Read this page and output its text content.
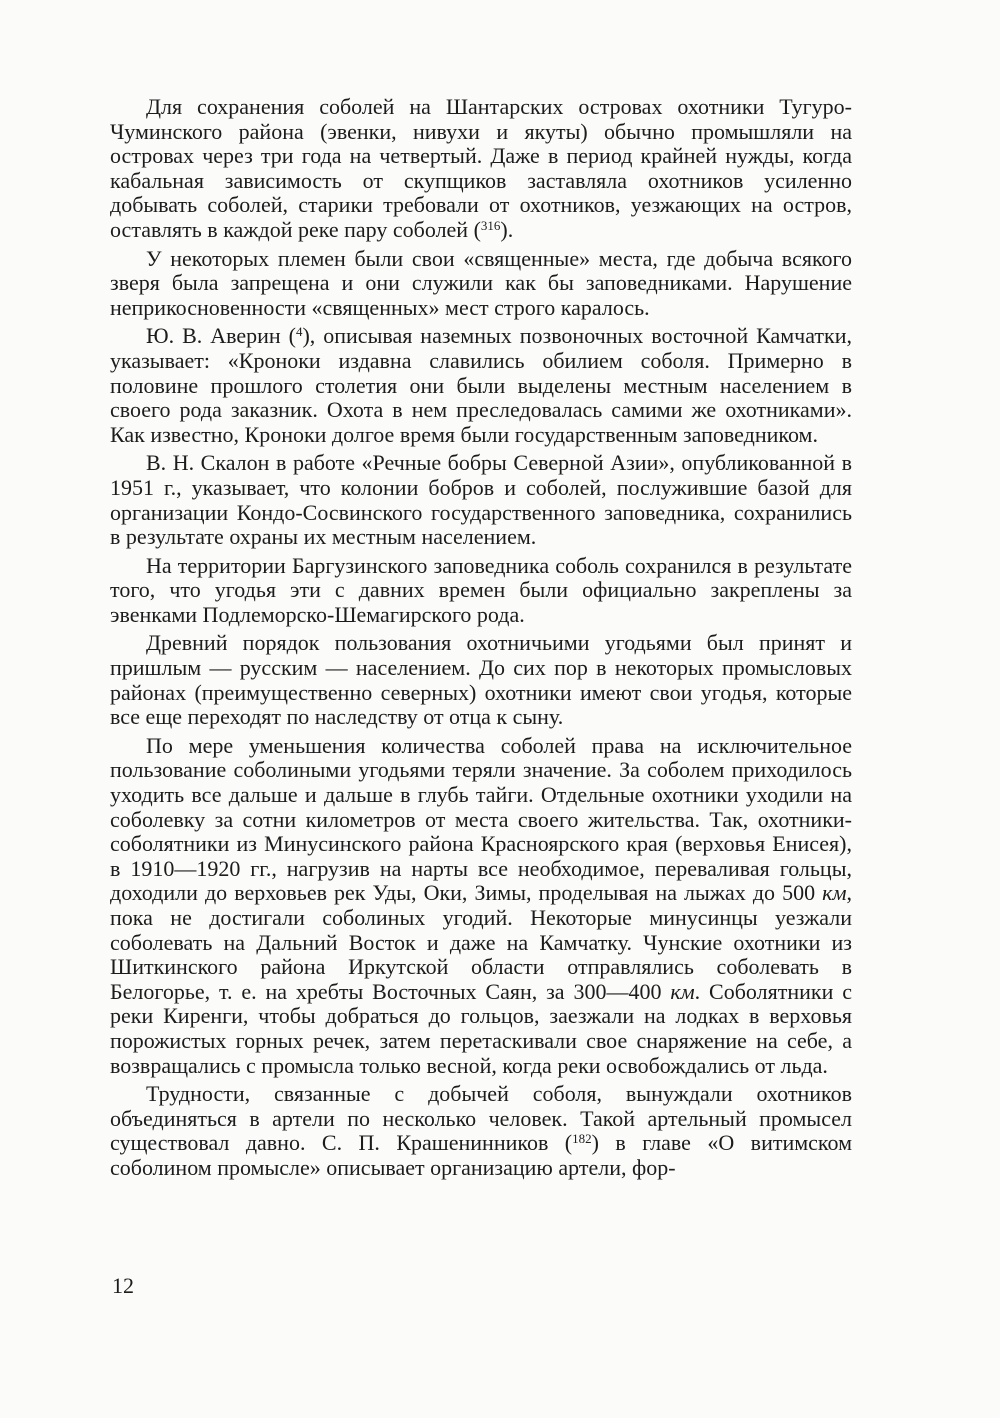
Для сохранения соболей на Шантарских островах охотники Тугуро-Чуминского района (эвенки, нивухи и якуты) обычно промышляли на островах через три года на четвертый. Даже в период крайней нужды, когда кабальная зависимость от скупщиков заставляла охотников усиленно добывать соболей, старики требовали от охотников, уезжающих на остров, оставлять в каждой реке пару соболей ($^{316}$).

У некоторых племен были свои «священные» места, где добыча всякого зверя была запрещена и они служили как бы заповедниками. Нарушение неприкосновенности «священных» мест строго каралось.

Ю. В. Аверин ($^4$), описывая наземных позвоночных восточной Камчатки, указывает: «Кроноки издавна славились обилием соболя. Примерно в половине прошлого столетия они были выделены местным населением в своего рода заказник. Охота в нем преследовалась самими же охотниками». Как известно, Кроноки долгое время были государственным заповедником.

В. Н. Скалон в работе «Речные бобры Северной Азии», опубликованной в 1951 г., указывает, что колонии бобров и соболей, послужившие базой для организации Кондо-Сосвинского государственного заповедника, сохранились в результате охраны их местным населением.

На территории Баргузинского заповедника соболь сохранился в результате того, что угодья эти с давних времен были официально закреплены за эвенками Подлеморско-Шемагирского рода.

Древний порядок пользования охотничьими угодьями был принят и пришлым — русским — населением. До сих пор в некоторых промысловых районах (преимущественно северных) охотники имеют свои угодья, которые все еще переходят по наследству от отца к сыну.

По мере уменьшения количества соболей права на исключительное пользование соболиными угодьями теряли значение. За соболем приходилось уходить все дальше и дальше в глубь тайги. Отдельные охотники уходили на соболевку за сотни километров от места своего жительства. Так, охотники-соболятники из Минусинского района Красноярского края (верховья Енисея), в 1910—1920 гг., нагрузив на нарты все необходимое, переваливая гольцы, доходили до верховьев рек Уды, Оки, Зимы, проделывая на лыжах до 500 км, пока не достигали соболиных угодий. Некоторые минусинцы уезжали соболевать на Дальний Восток и даже на Камчатку. Чунские охотники из Шиткинского района Иркутской области отправлялись соболевать в Белогорье, т. е. на хребты Восточных Саян, за 300—400 км. Соболятники с реки Киренги, чтобы добраться до гольцов, заезжали на лодках в верховья порожистых горных речек, затем перетаскивали свое снаряжение на себе, а возвращались с промысла только весной, когда реки освобождались от льда.

Трудности, связанные с добычей соболя, вынуждали охотников объединяться в артели по несколько человек. Такой артельный промысел существовал давно. С. П. Крашенинников ($^{182}$) в главе «О витимском соболином промысле» описывает организацию артели, фор-

12
